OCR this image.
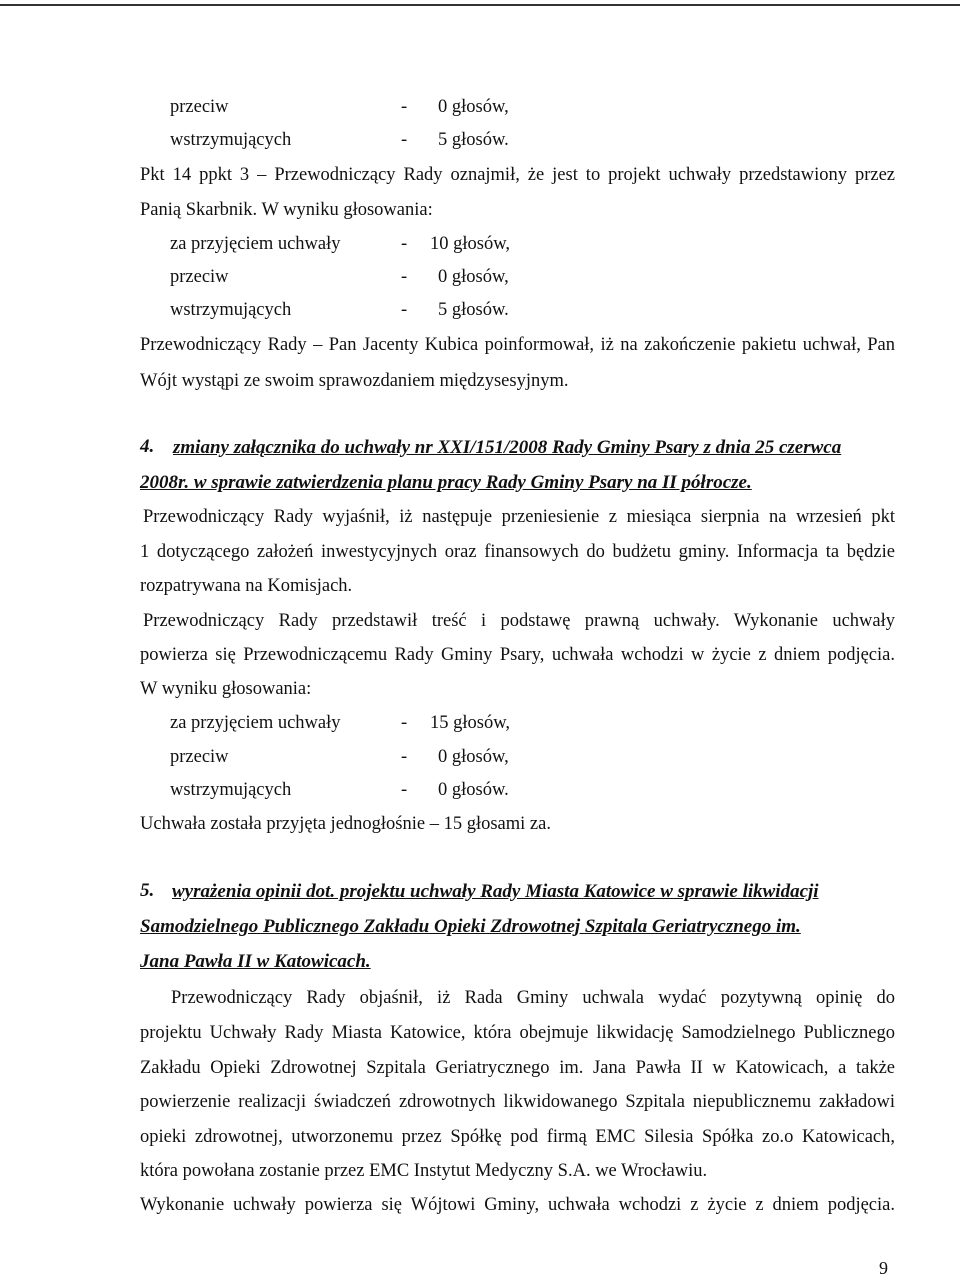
przeciw	- 0 głosów,
wstrzymujących	- 5 głosów.
Pkt 14 ppkt 3 – Przewodniczący Rady oznajmił, że jest to projekt uchwały przedstawiony przez
Panią Skarbnik. W wyniku głosowania:
za przyjęciem uchwały	- 10 głosów,
przeciw	- 0 głosów,
wstrzymujących	- 5 głosów.
Przewodniczący Rady – Pan Jacenty Kubica poinformował, iż na zakończenie pakietu uchwał, Pan
Wójt wystąpi ze swoim sprawozdaniem międzysesyjnym.
4. zmiany załącznika do uchwały nr XXI/151/2008 Rady Gminy Psary z dnia 25 czerwca
2008r. w sprawie zatwierdzenia planu pracy Rady Gminy Psary na II półrocze.
Przewodniczący Rady wyjaśnił, iż następuje przeniesienie z miesiąca sierpnia na wrzesień pkt
1 dotyczącego założeń inwestycyjnych oraz finansowych do budżetu gminy. Informacja ta będzie
rozpatrywana na Komisjach.
Przewodniczący Rady przedstawił treść i podstawę prawną uchwały. Wykonanie uchwały
powierza się Przewodniczącemu Rady Gminy Psary, uchwała wchodzi w życie z dniem podjęcia.
W wyniku głosowania:
za przyjęciem uchwały	- 15 głosów,
przeciw	- 0 głosów,
wstrzymujących	- 0 głosów.
Uchwała została przyjęta jednogłośnie – 15 głosami za.
5. wyrażenia opinii dot. projektu uchwały Rady Miasta Katowice w sprawie likwidacji
Samodzielnego Publicznego Zakładu Opieki Zdrowotnej Szpitala Geriatrycznego im.
Jana Pawła II w Katowicach.
Przewodniczący Rady objaśnił, iż Rada Gminy uchwala wydać pozytywną opinię do
projektu Uchwały Rady Miasta Katowice, która obejmuje likwidację Samodzielnego Publicznego
Zakładu Opieki Zdrowotnej Szpitala Geriatrycznego im. Jana Pawła II w Katowicach, a także
powierzenie realizacji świadczeń zdrowotnych likwidowanego Szpitala niepublicznemu zakładowi
opieki zdrowotnej, utworzonemu przez Spółkę pod firmą EMC Silesia Spółka zo.o Katowicach,
która powołana zostanie przez EMC Instytut Medyczny S.A. we Wrocławiu.
Wykonanie uchwały powierza się Wójtowi Gminy, uchwała wchodzi z życie z dniem podjęcia.
9
